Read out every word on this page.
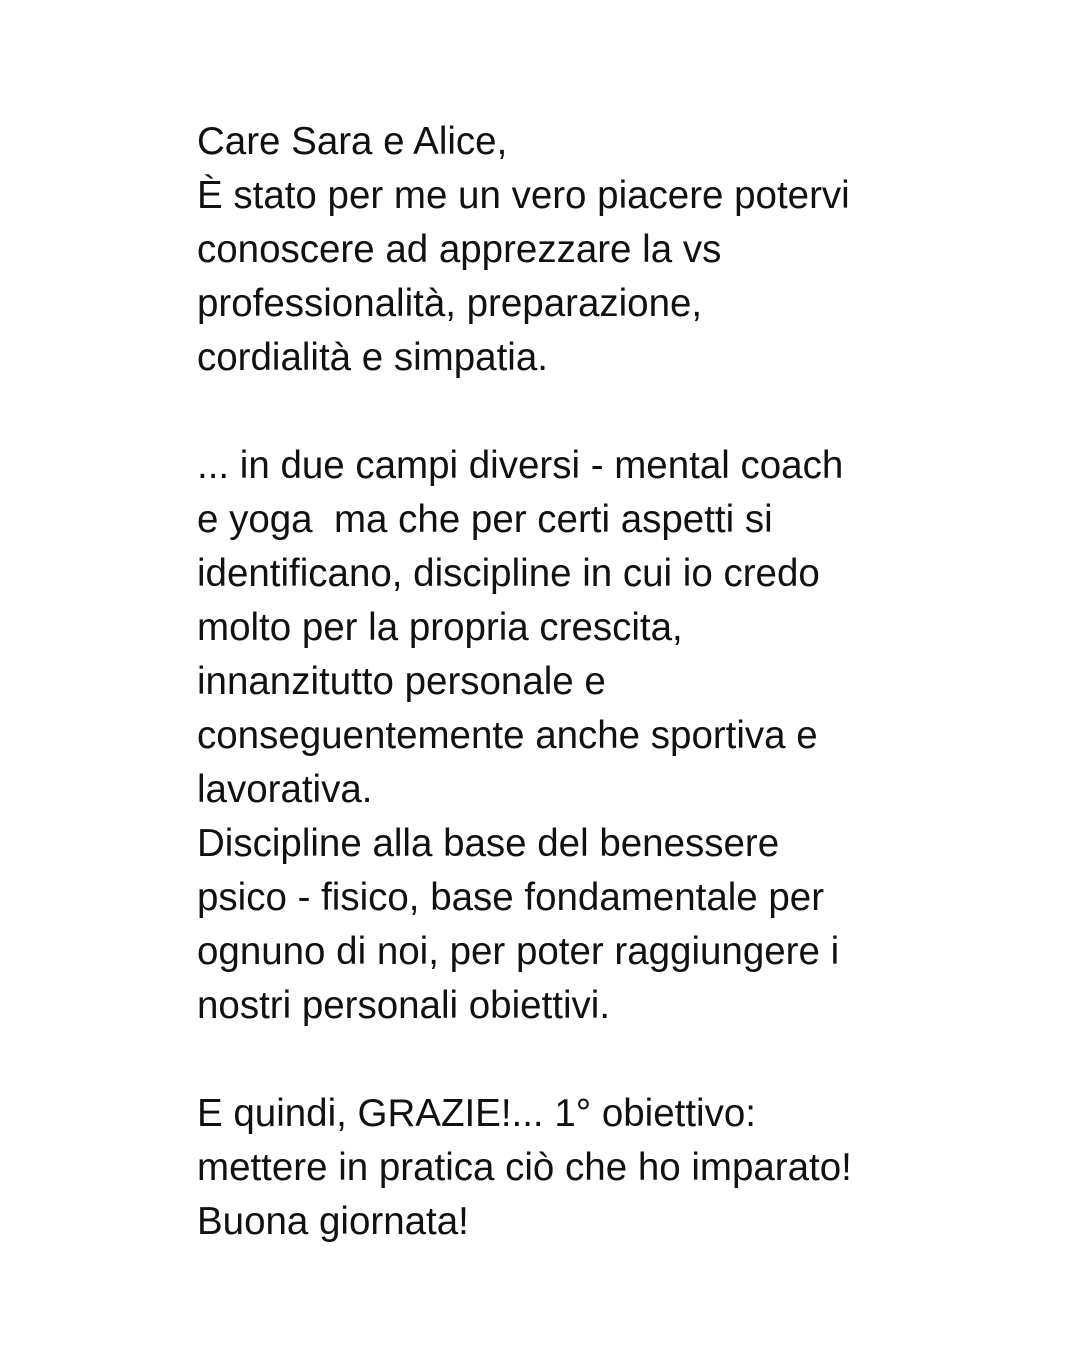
Care Sara e Alice,
È stato per me un vero piacere potervi
conoscere ad apprezzare la vs
professionalità, preparazione,
cordialità e simpatia.
... in due campi diversi - mental coach
e yoga  ma che per certi aspetti si
identificano, discipline in cui io credo
molto per la propria crescita,
innanzitutto personale e
conseguentemente anche sportiva e
lavorativa.
Discipline alla base del benessere
psico - fisico, base fondamentale per
ognuno di noi, per poter raggiungere i
nostri personali obiettivi.
E quindi, GRAZIE!... 1° obiettivo:
mettere in pratica ciò che ho imparato!
Buona giornata!
